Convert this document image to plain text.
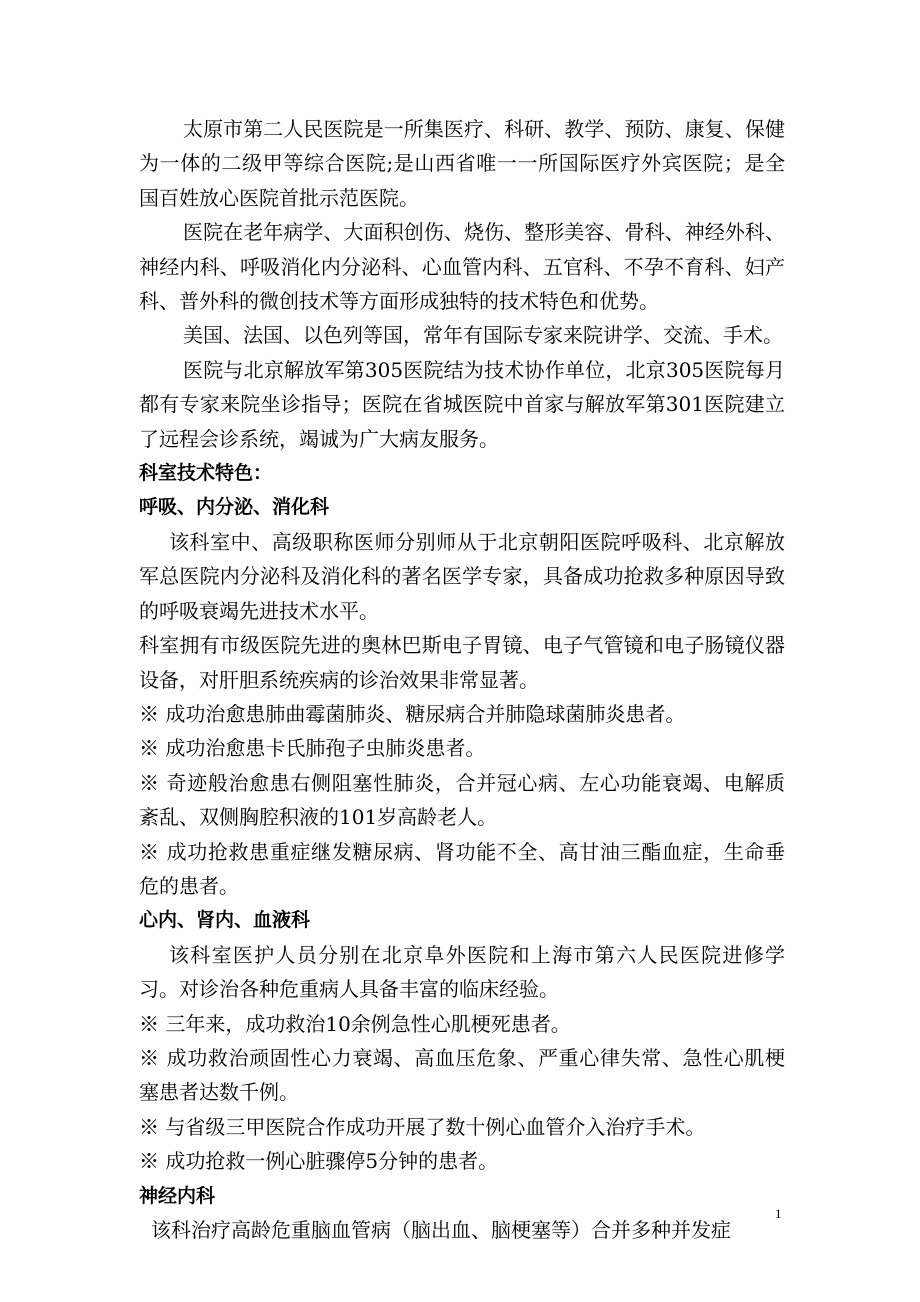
太原市第二人民医院是一所集医疗、科研、教学、预防、康复、保健为一体的二级甲等综合医院;是山西省唯一一所国际医疗外宾医院；是全国百姓放心医院首批示范医院。

医院在老年病学、大面积创伤、烧伤、整形美容、骨科、神经外科、神经内科、呼吸消化内分泌科、心血管内科、五官科、不孕不育科、妇产科、普外科的微创技术等方面形成独特的技术特色和优势。

美国、法国、以色列等国，常年有国际专家来院讲学、交流、手术。

医院与北京解放军第305医院结为技术协作单位，北京305医院每月都有专家来院坐诊指导；医院在省城医院中首家与解放军第301医院建立了远程会诊系统，竭诚为广大病友服务。

科室技术特色：

呼吸、内分泌、消化科

该科室中、高级职称医师分别师从于北京朝阳医院呼吸科、北京解放军总医院内分泌科及消化科的著名医学专家，具备成功抢救多种原因导致的呼吸衰竭先进技术水平。

科室拥有市级医院先进的奥林巴斯电子胃镜、电子气管镜和电子肠镜仪器设备，对肝胆系统疾病的诊治效果非常显著。

※ 成功治愈患肺曲霉菌肺炎、糖尿病合并肺隐球菌肺炎患者。

※ 成功治愈患卡氏肺孢子虫肺炎患者。

※ 奇迹般治愈患右侧阻塞性肺炎，合并冠心病、左心功能衰竭、电解质紊乱、双侧胸腔积液的101岁高龄老人。

※ 成功抢救患重症继发糖尿病、肾功能不全、高甘油三酯血症，生命垂危的患者。

心内、肾内、血液科

该科室医护人员分别在北京阜外医院和上海市第六人民医院进修学习。对诊治各种危重病人具备丰富的临床经验。

※ 三年来，成功救治10余例急性心肌梗死患者。

※ 成功救治顽固性心力衰竭、高血压危象、严重心律失常、急性心肌梗塞患者达数千例。

※ 与省级三甲医院合作成功开展了数十例心血管介入治疗手术。

※ 成功抢救一例心脏骤停5分钟的患者。

神经内科

该科治疗高龄危重脑血管病（脑出血、脑梗塞等）合并多种并发症

1
